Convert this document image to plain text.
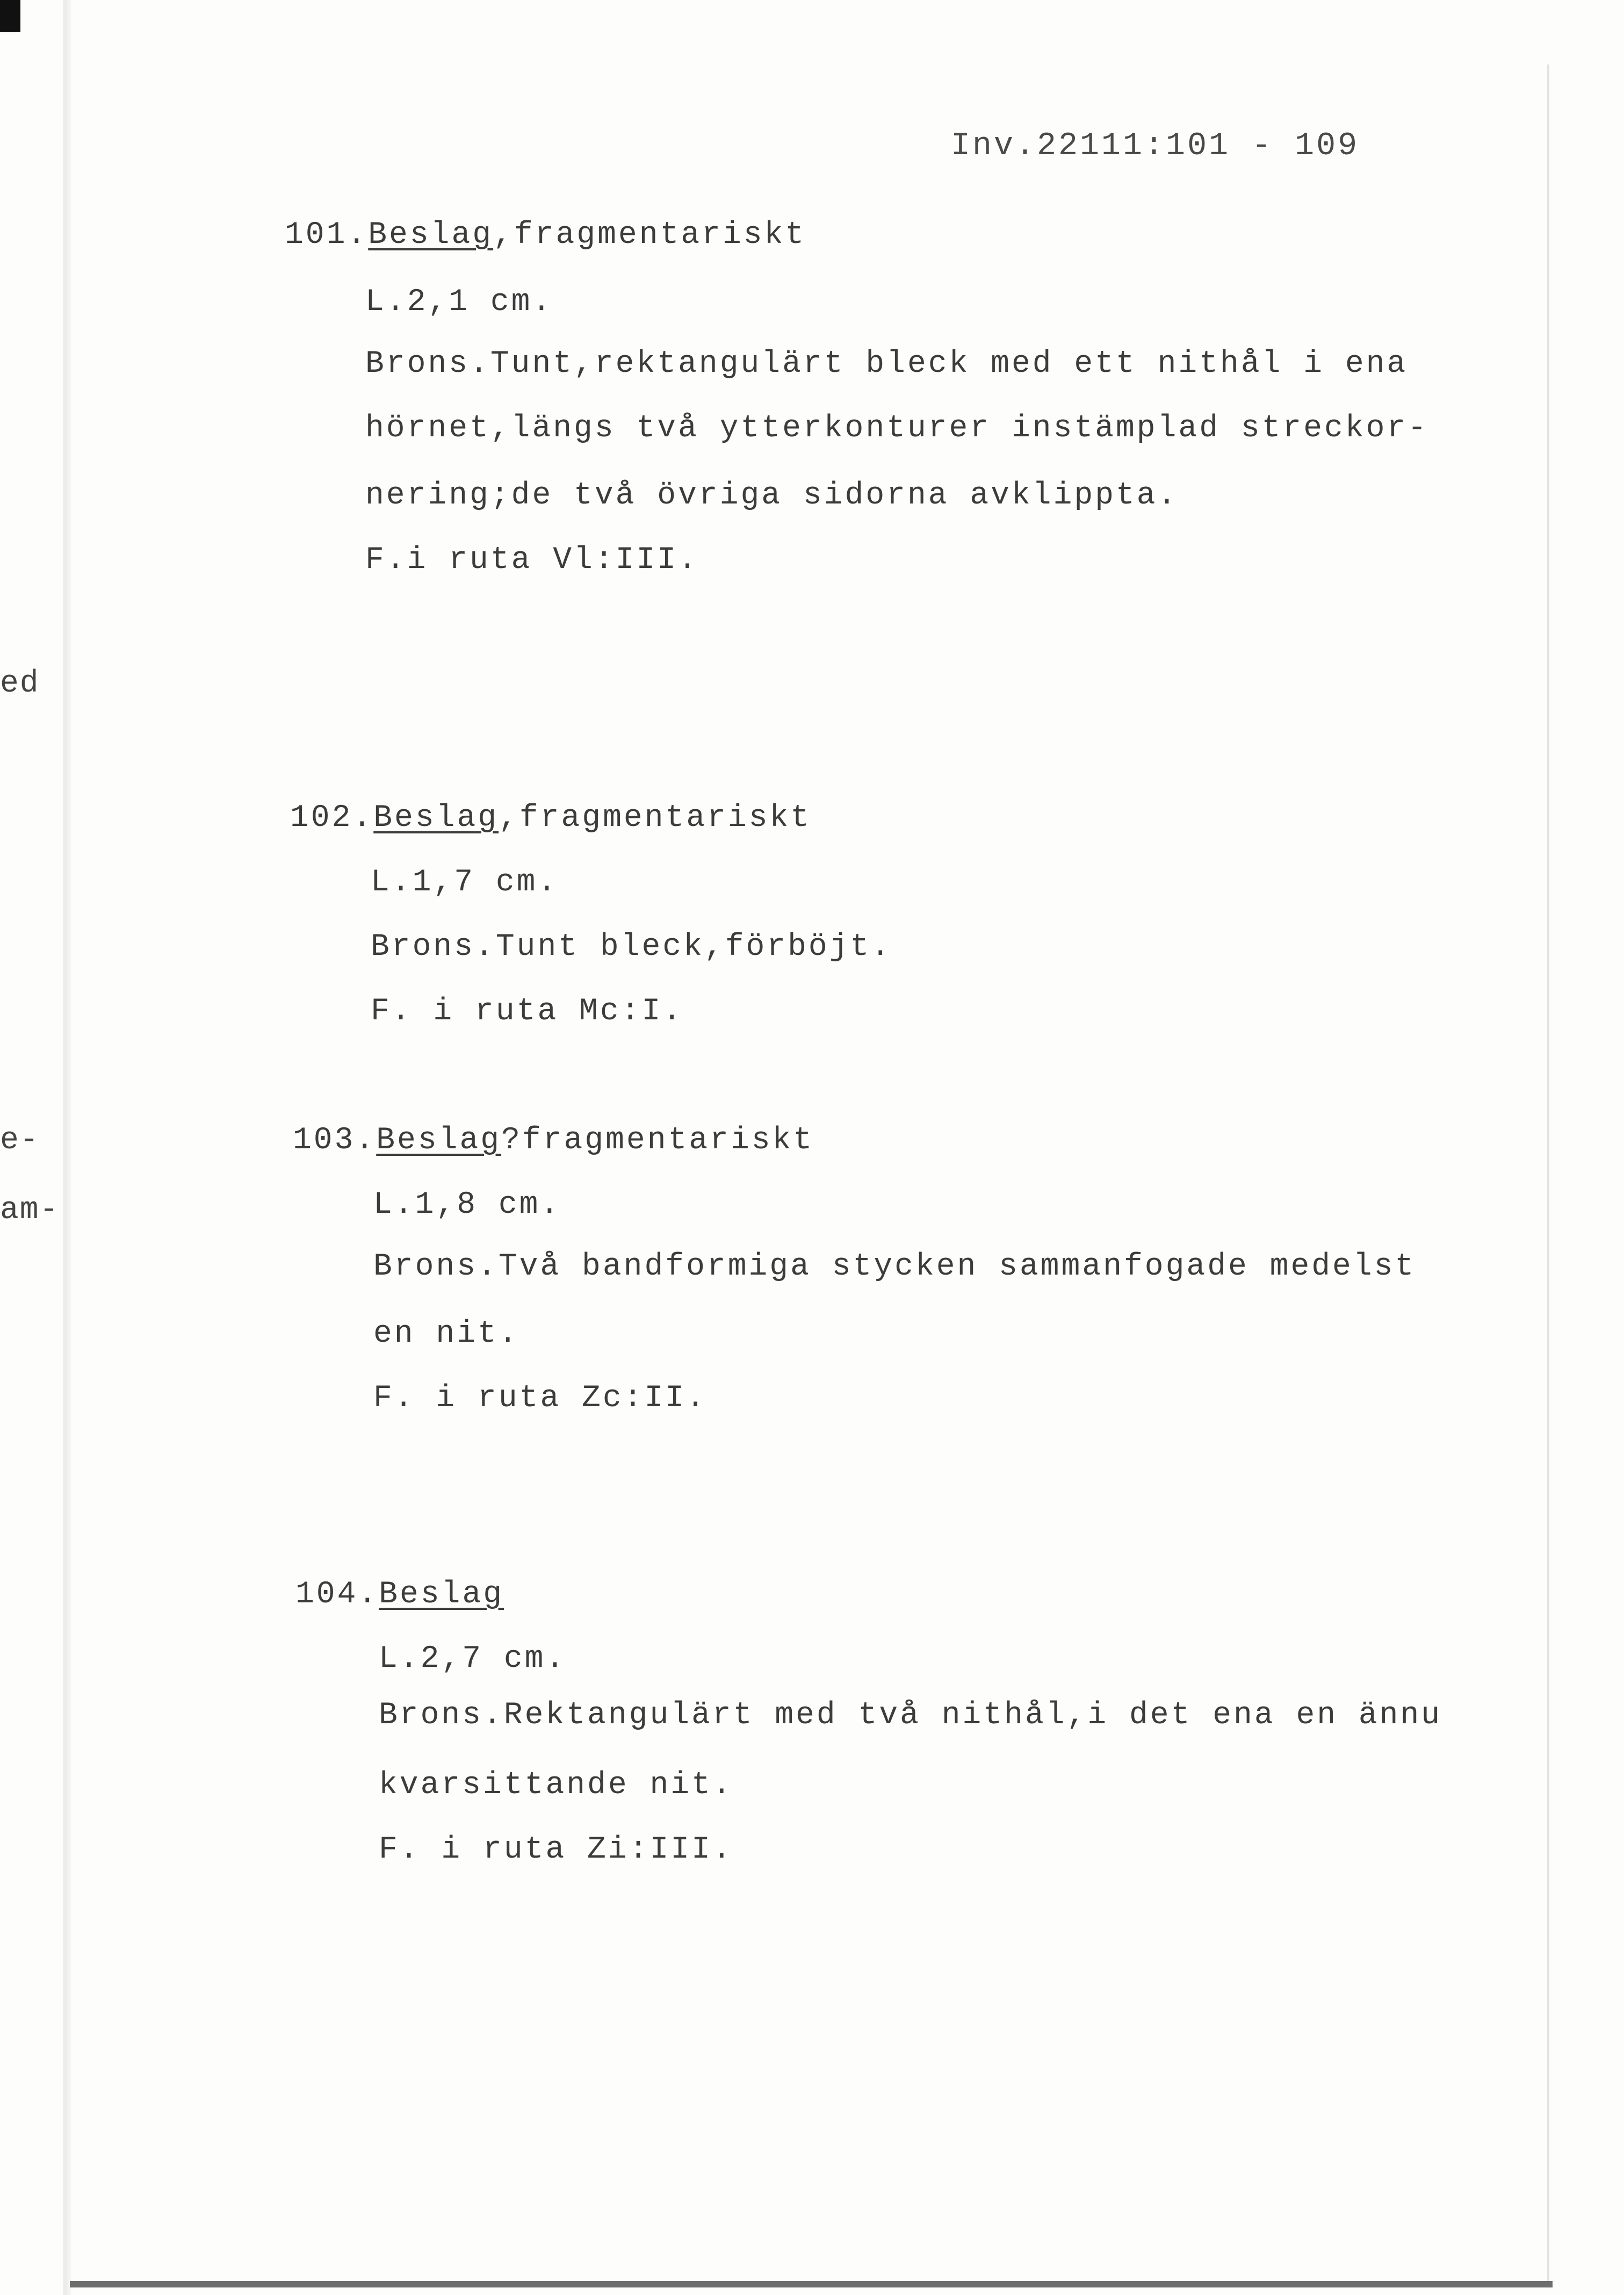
ed
e-
am-
Inv.22111:101 - 109
101.Beslag,fragmentariskt
L.2,1 cm.
Brons.Tunt,rektangulärt bleck med ett nithål i ena
hörnet,längs två ytterkonturer instämplad streckor-
nering;de två övriga sidorna avklippta.
F.i ruta Vl:III.
102.Beslag,fragmentariskt
L.1,7 cm.
Brons.Tunt bleck,förböjt.
F. i ruta Mc:I.
103.Beslag?fragmentariskt
L.1,8 cm.
Brons.Två bandformiga stycken sammanfogade medelst
en nit.
F. i ruta Zc:II.
104.Beslag
L.2,7 cm.
Brons.Rektangulärt med två nithål,i det ena en ännu
kvarsittande nit.
F. i ruta Zi:III.
